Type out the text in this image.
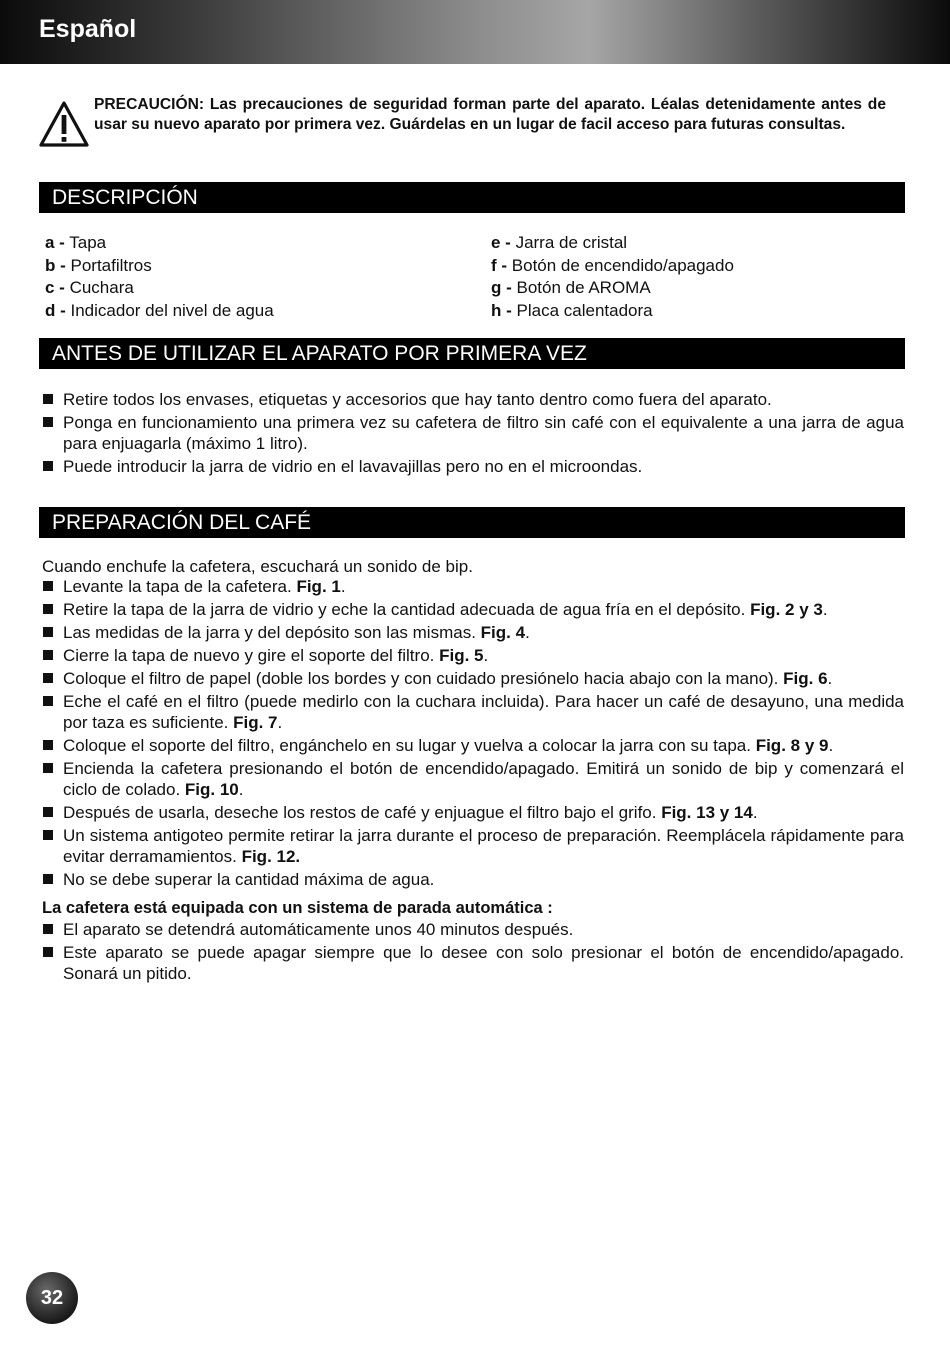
Español

PRECAUCIÓN: Las precauciones de seguridad forman parte del aparato. Léalas detenidamente antes de usar su nuevo aparato por primera vez. Guárdelas en un lugar de facil acceso para futuras consultas.

DESCRIPCIÓN
a - Tapa
b - Portafiltros
c - Cuchara
d - Indicador del nivel de agua
e - Jarra de cristal
f - Botón de encendido/apagado
g - Botón de AROMA
h - Placa calentadora
ANTES DE UTILIZAR EL APARATO POR PRIMERA VEZ
Retire todos los envases, etiquetas y accesorios que hay tanto dentro como fuera del aparato.
Ponga en funcionamiento una primera vez su cafetera de filtro sin café con el equivalente a una jarra de agua para enjuagarla (máximo 1 litro).
Puede introducir la jarra de vidrio en el lavavajillas pero no en el microondas.
PREPARACIÓN DEL CAFÉ

Cuando enchufe la cafetera, escuchará un sonido de bip.

Levante la tapa de la cafetera. Fig. 1.
Retire la tapa de la jarra de vidrio y eche la cantidad adecuada de agua fría en el depósito. Fig. 2 y 3.
Las medidas de la jarra y del depósito son las mismas. Fig. 4.
Cierre la tapa de nuevo y gire el soporte del filtro. Fig. 5.
Coloque el filtro de papel (doble los bordes y con cuidado presiónelo hacia abajo con la mano). Fig. 6.
Eche el café en el filtro (puede medirlo con la cuchara incluida). Para hacer un café de desayuno, una medida por taza es suficiente. Fig. 7.
Coloque el soporte del filtro, engánchelo en su lugar y vuelva a colocar la jarra con su tapa. Fig. 8 y 9.
Encienda la cafetera presionando el botón de encendido/apagado. Emitirá un sonido de bip y comenzará el ciclo de colado. Fig. 10.
Después de usarla, deseche los restos de café y enjuague el filtro bajo el grifo. Fig. 13 y 14.
Un sistema antigoteo permite retirar la jarra durante el proceso de preparación. Reemplácela rápidamente para evitar derramamientos. Fig. 12.
No se debe superar la cantidad máxima de agua.

La cafetera está equipada con un sistema de parada automática :

El aparato se detendrá automáticamente unos 40 minutos después.
Este aparato se puede apagar siempre que lo desee con solo presionar el botón de encendido/apagado. Sonará un pitido.
32
